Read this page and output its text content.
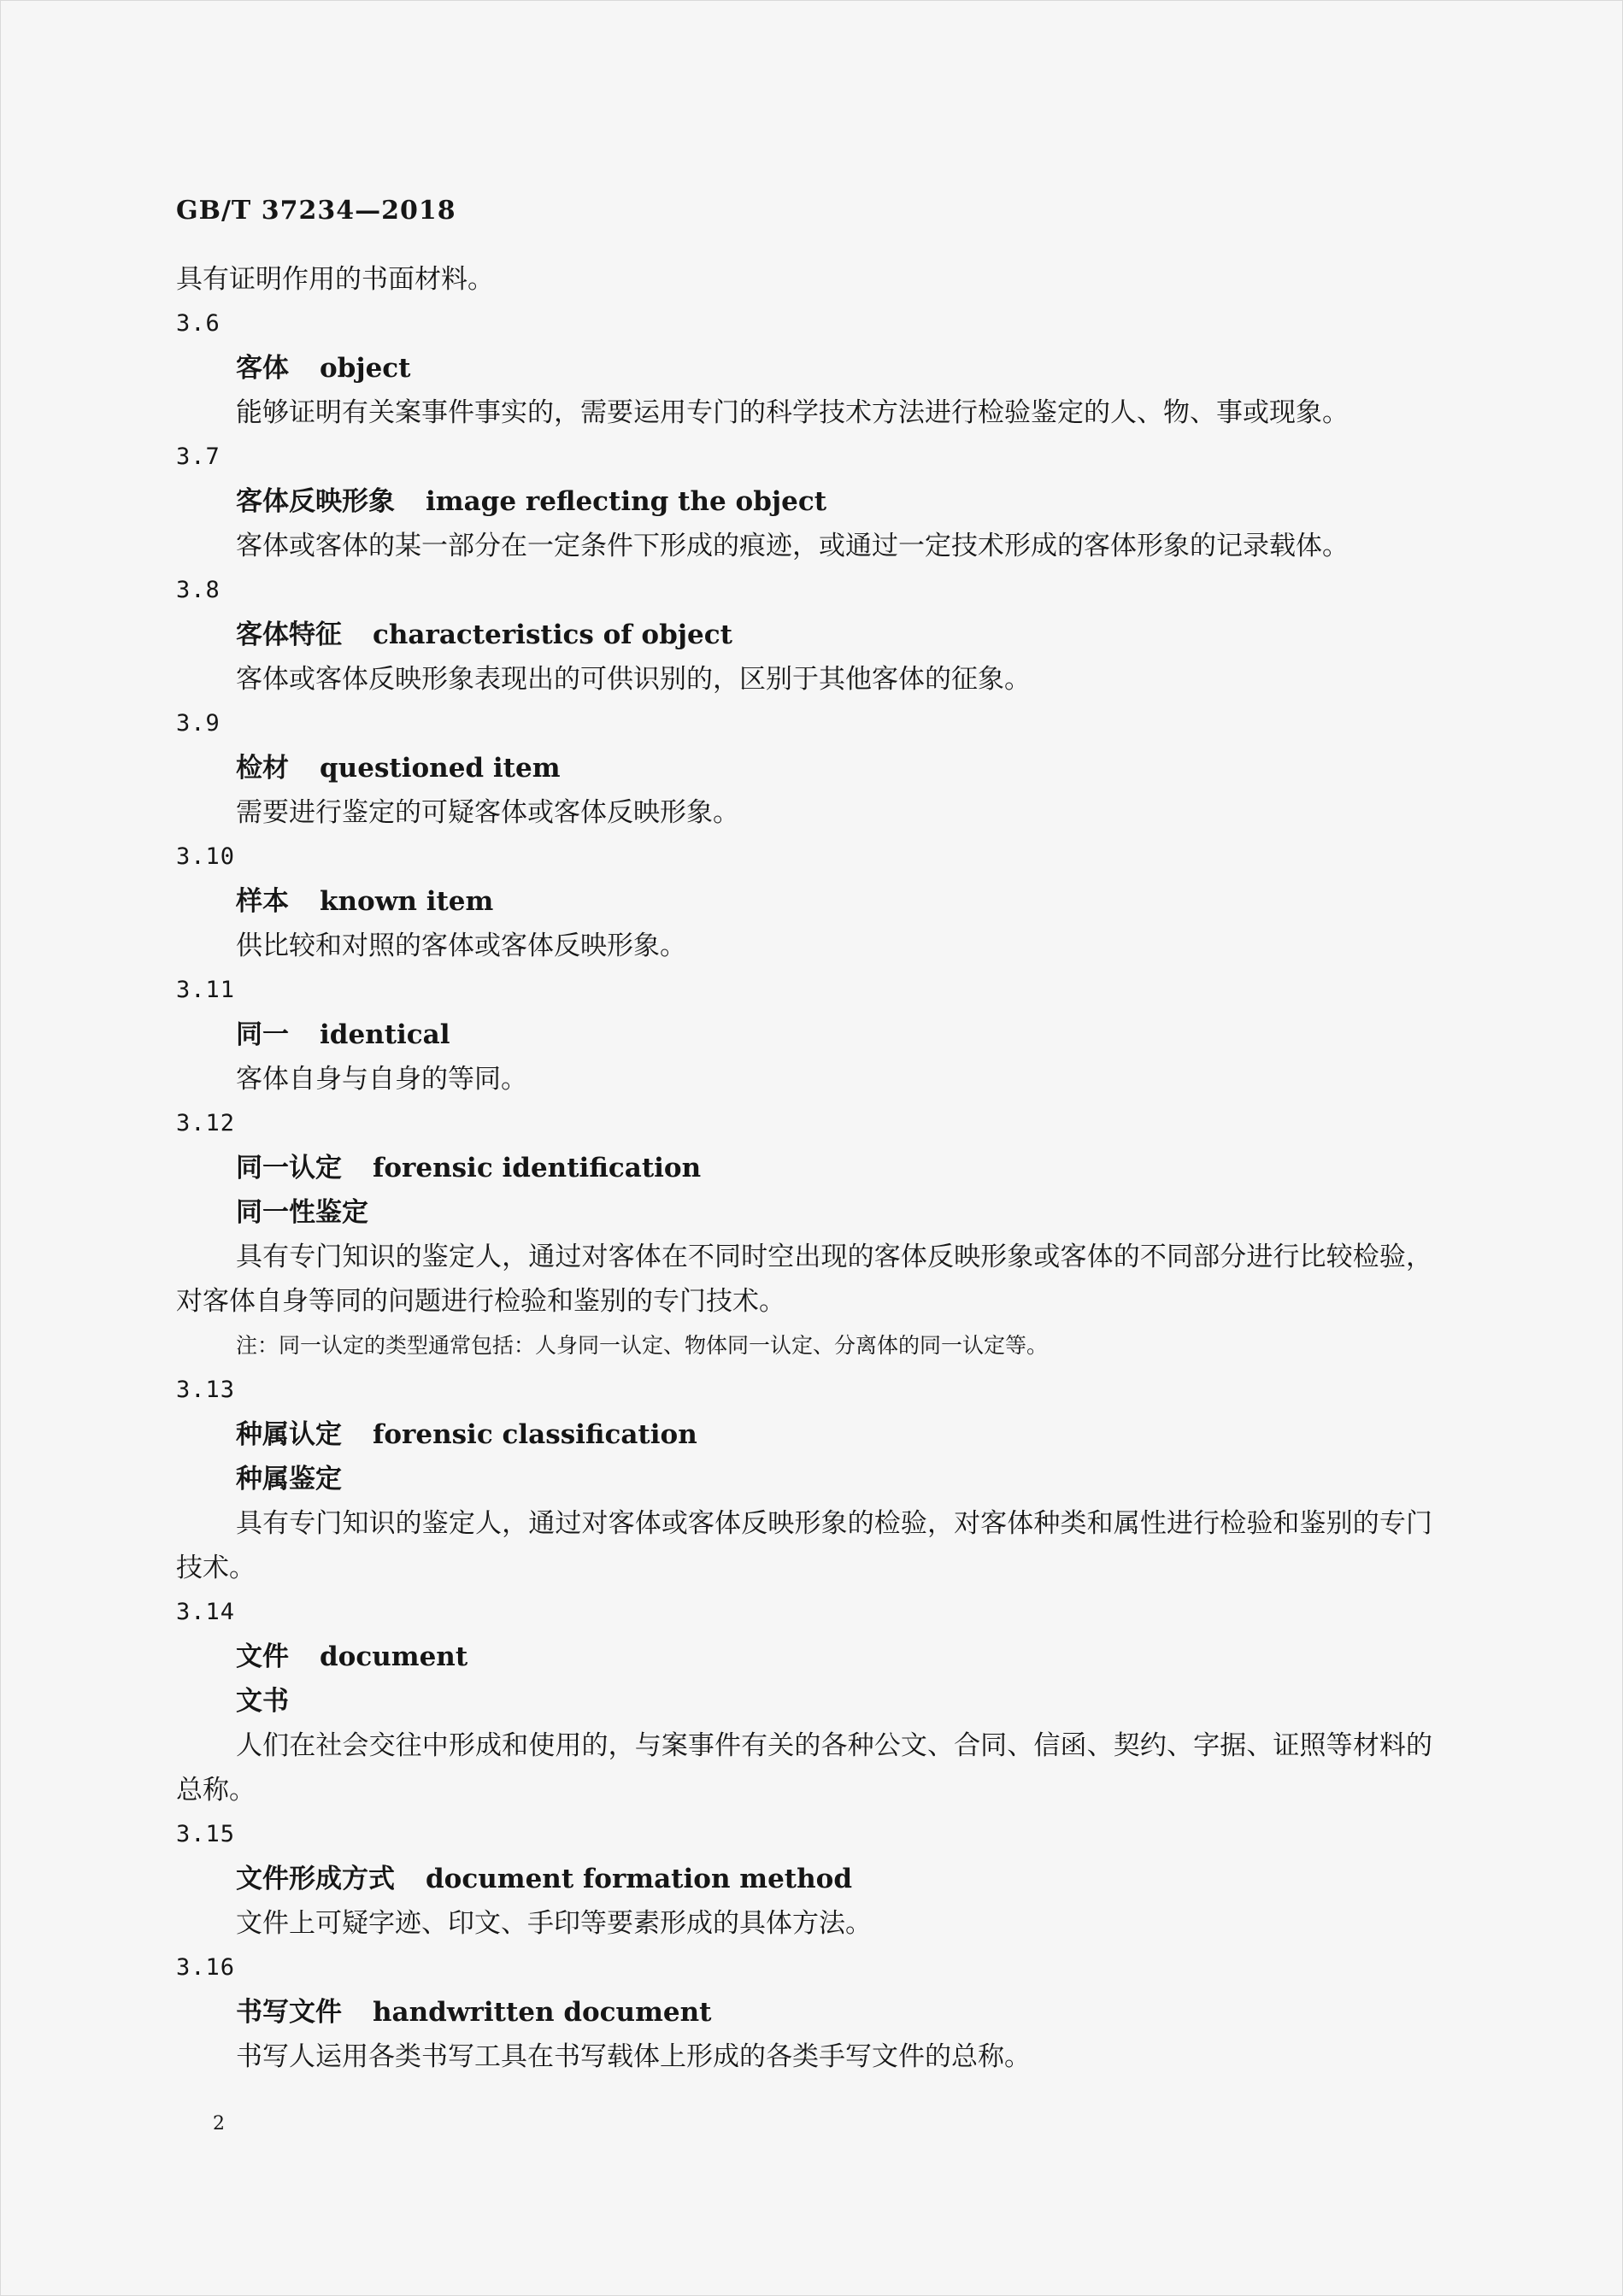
GB/T 37234—2018
具有证明作用的书面材料。
3.6
客体 object
能够证明有关案事件事实的，需要运用专门的科学技术方法进行检验鉴定的人、物、事或现象。
3.7
客体反映形象 image reflecting the object
客体或客体的某一部分在一定条件下形成的痕迹，或通过一定技术形成的客体形象的记录载体。
3.8
客体特征 characteristics of object
客体或客体反映形象表现出的可供识别的，区别于其他客体的征象。
3.9
检材 questioned item
需要进行鉴定的可疑客体或客体反映形象。
3.10
样本 known item
供比较和对照的客体或客体反映形象。
3.11
同一 identical
客体自身与自身的等同。
3.12
同一认定 forensic identification
同一性鉴定
具有专门知识的鉴定人，通过对客体在不同时空出现的客体反映形象或客体的不同部分进行比较检验，对客体自身等同的问题进行检验和鉴别的专门技术。
注：同一认定的类型通常包括：人身同一认定、物体同一认定、分离体的同一认定等。
3.13
种属认定 forensic classification
种属鉴定
具有专门知识的鉴定人，通过对客体或客体反映形象的检验，对客体种类和属性进行检验和鉴别的专门技术。
3.14
文件 document
文书
人们在社会交往中形成和使用的，与案事件有关的各种公文、合同、信函、契约、字据、证照等材料的总称。
3.15
文件形成方式 document formation method
文件上可疑字迹、印文、手印等要素形成的具体方法。
3.16
书写文件 handwritten document
书写人运用各类书写工具在书写载体上形成的各类手写文件的总称。
2
